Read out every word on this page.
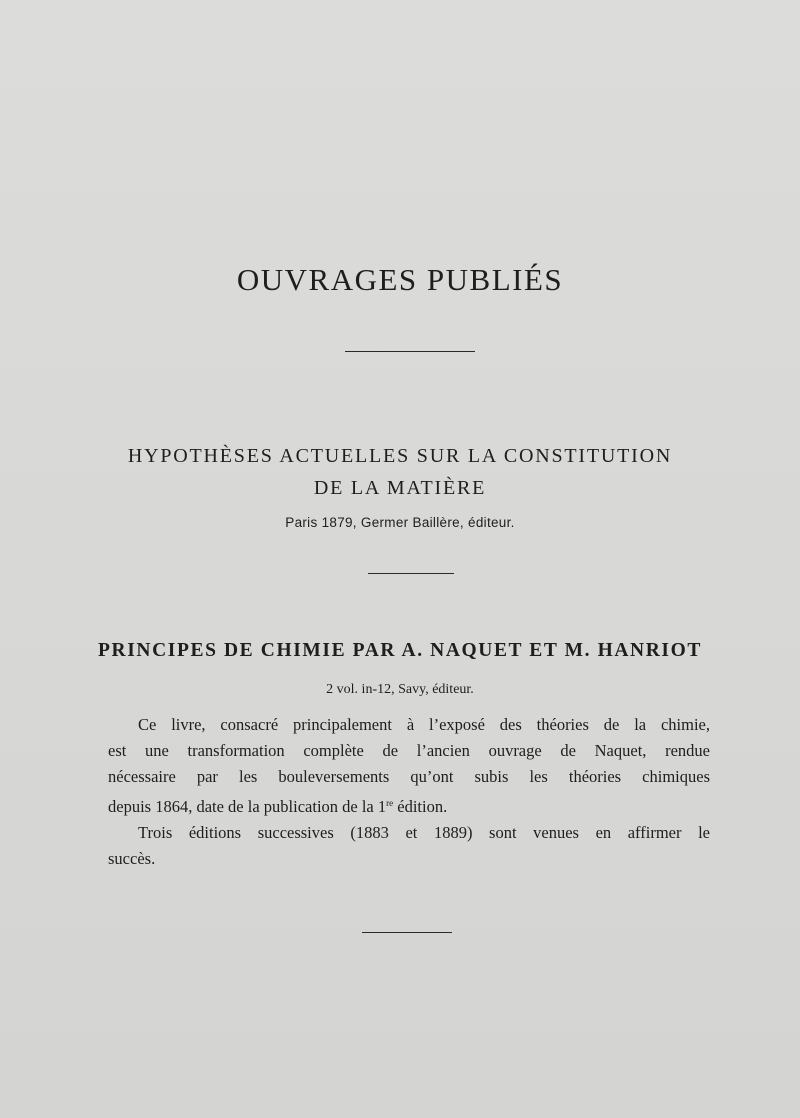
OUVRAGES PUBLIÉS
HYPOTHÈSES ACTUELLES SUR LA CONSTITUTION
DE LA MATIÈRE
Paris 1879, Germer Baillère, éditeur.
PRINCIPES DE CHIMIE PAR A. NAQUET ET M. HANRIOT
2 vol. in-12, Savy, éditeur.
Ce livre, consacré principalement à l’exposé des théories de la chimie,
est une transformation complète de l’ancien ouvrage de Naquet, rendue
nécessaire par les bouleversements qu’ont subis les théories chimiques
depuis 1864, date de la publication de la 1re édition.
Trois éditions successives (1883 et 1889) sont venues en affirmer le
succès.
